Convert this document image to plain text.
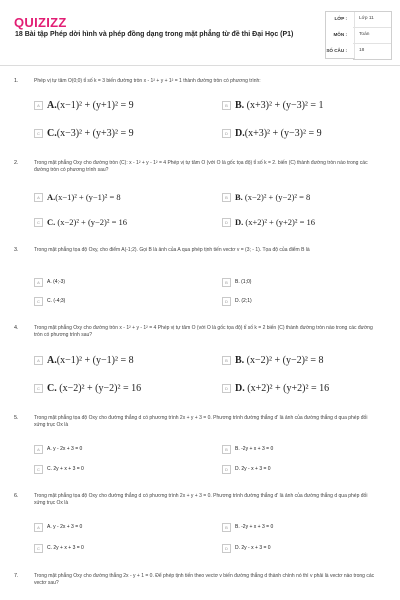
QUIZIZZ
18 Bài tập Phép dời hình và phép đồng dạng trong mặt phẳng từ đề thi Đại Học (P1)
LỚP :	Lớp 11
MÔN :	Toán
SỐ CÂU :	18
1.	Phép vị tự tâm O(0;0) tỉ số k = 3 biến đường tròn x - 1² + y + 1² = 1 thành đường tròn có phương trình:
A A.(x−1)² + (y+1)² = 9	B B. (x+3)² + (y−3)² = 1
C C.(x−3)² + (y+3)² = 9	D D.(x+3)² + (y−3)² = 9
2.	Trong mặt phẳng Oxy cho đường tròn (C): x - 1² + y - 1² = 4 Phép vị tự tâm O (với O là gốc tọa độ) tỉ số k = 2. biến (C) thành đường tròn nào trong các đường tròn có phương trình sau?
A A.(x−1)² + (y−1)² = 8	B B. (x−2)² + (y−2)² = 8
C C. (x−2)² + (y−2)² = 16	D D. (x+2)² + (y+2)² = 16
3.	Trong mặt phẳng tọa độ Oxy, cho điểm A(-1;2). Gọi B là ảnh của A qua phép tịnh tiến vectơ v = (3; - 1). Tọa độ của điểm B là
A	A. (4;-3)	B	B. (1;0)
C	C. (-4;3)	D	D. (2;1)
4.	Trong mặt phẳng Oxy cho đường tròn x - 1² + y - 1² = 4 Phép vị tự tâm O (với O là gốc tọa độ) tỉ số k = 2 biến (C) thành đường tròn nào trong các đường tròn có phương trình sau?
A A.(x−1)² + (y−1)² = 8	B B. (x−2)² + (y−2)² = 8
C C. (x−2)² + (y−2)² = 16	D D. (x+2)² + (y+2)² = 16
5.	Trong mặt phẳng tọa độ Oxy cho đường thẳng d có phương trình 2x + y + 3 = 0. Phương trình đường thẳng d' là ảnh của đường thẳng d qua phép đối xứng trục Ox là
A	A. y - 2x + 3 = 0	B	B. -2y + x + 3 = 0
C	C. 2y + x + 3 = 0	D	D. 2y - x + 3 = 0
6.	Trong mặt phẳng tọa độ Oxy cho đường thẳng d có phương trình 2x + y + 3 = 0. Phương trình đường thẳng d' là ảnh của đường thẳng d qua phép đối xứng trục Ox là
A	A. y - 2x + 3 = 0	B	B. -2y + x + 3 = 0
C	C. 2y + x + 3 = 0	D	D. 2y - x + 3 = 0
7.	Trong mặt phẳng Oxy cho đường thẳng 2x - y + 1 = 0. Để phép tịnh tiến theo vectơ v biến đường thẳng d thành chính nó thì v phải là vectơ nào trong các vectơ sau?
